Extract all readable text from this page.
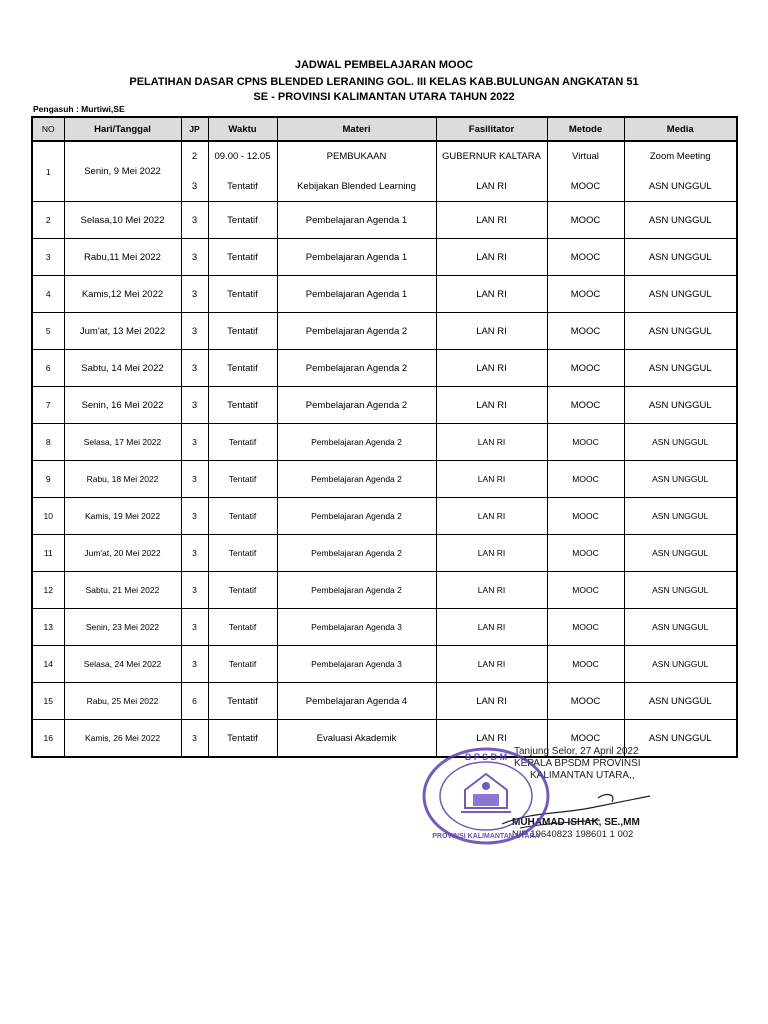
JADWAL PEMBELAJARAN MOOC
PELATIHAN DASAR CPNS BLENDED LERANING GOL. III KELAS KAB.BULUNGAN ANGKATAN 51
SE - PROVINSI KALIMANTAN UTARA TAHUN 2022
Pengasuh : Murtiwi,SE
NO	Hari/Tanggal	JP	Waktu	Materi	Fasilitator	Metode	Media
1	Senin, 9 Mei 2022	2	09.00 - 12.05	PEMBUKAAN	GUBERNUR KALTARA	Virtual	Zoom Meeting
		3	Tentatif	Kebijakan Blended Learning	LAN RI	MOOC	ASN UNGGUL
2	Selasa,10 Mei 2022	3	Tentatif	Pembelajaran Agenda 1	LAN RI	MOOC	ASN UNGGUL
3	Rabu,11 Mei 2022	3	Tentatif	Pembelajaran Agenda 1	LAN RI	MOOC	ASN UNGGUL
4	Kamis,12 Mei 2022	3	Tentatif	Pembelajaran Agenda 1	LAN RI	MOOC	ASN UNGGUL
5	Jum'at, 13 Mei 2022	3	Tentatif	Pembelajaran Agenda 2	LAN RI	MOOC	ASN UNGGUL
6	Sabtu, 14 Mei 2022	3	Tentatif	Pembelajaran Agenda 2	LAN RI	MOOC	ASN UNGGUL
7	Senin, 16 Mei 2022	3	Tentatif	Pembelajaran Agenda 2	LAN RI	MOOC	ASN UNGGUL
8	Selasa, 17 Mei 2022	3	Tentatif	Pembelajaran Agenda 2	LAN RI	MOOC	ASN UNGGUL
9	Rabu, 18 Mei 2022	3	Tentatif	Pembelajaran Agenda 2	LAN RI	MOOC	ASN UNGGUL
10	Kamis, 19 Mei 2022	3	Tentatif	Pembelajaran Agenda 2	LAN RI	MOOC	ASN UNGGUL
11	Jum'at, 20 Mei 2022	3	Tentatif	Pembelajaran Agenda 2	LAN RI	MOOC	ASN UNGGUL
12	Sabtu, 21 Mei 2022	3	Tentatif	Pembelajaran Agenda 2	LAN RI	MOOC	ASN UNGGUL
13	Senin, 23 Mei 2022	3	Tentatif	Pembelajaran Agenda 3	LAN RI	MOOC	ASN UNGGUL
14	Selasa, 24 Mei 2022	3	Tentatif	Pembelajaran Agenda 3	LAN RI	MOOC	ASN UNGGUL
15	Rabu, 25 Mei 2022	6	Tentatif	Pembelajaran Agenda 4	LAN RI	MOOC	ASN UNGGUL
16	Kamis, 26 Mei 2022	3	Tentatif	Evaluasi Akademik	LAN RI	MOOC	ASN UNGGUL
Tanjung Selor, 27 April 2022
KEPALA BPSDM PROVINSI
KALIMANTAN UTARA,,
MUHAMAD ISHAK, SE.,MM
NIP 19640823 198601 1 002
B P S D M
PROVINSI KALIMANTAN UTARA
